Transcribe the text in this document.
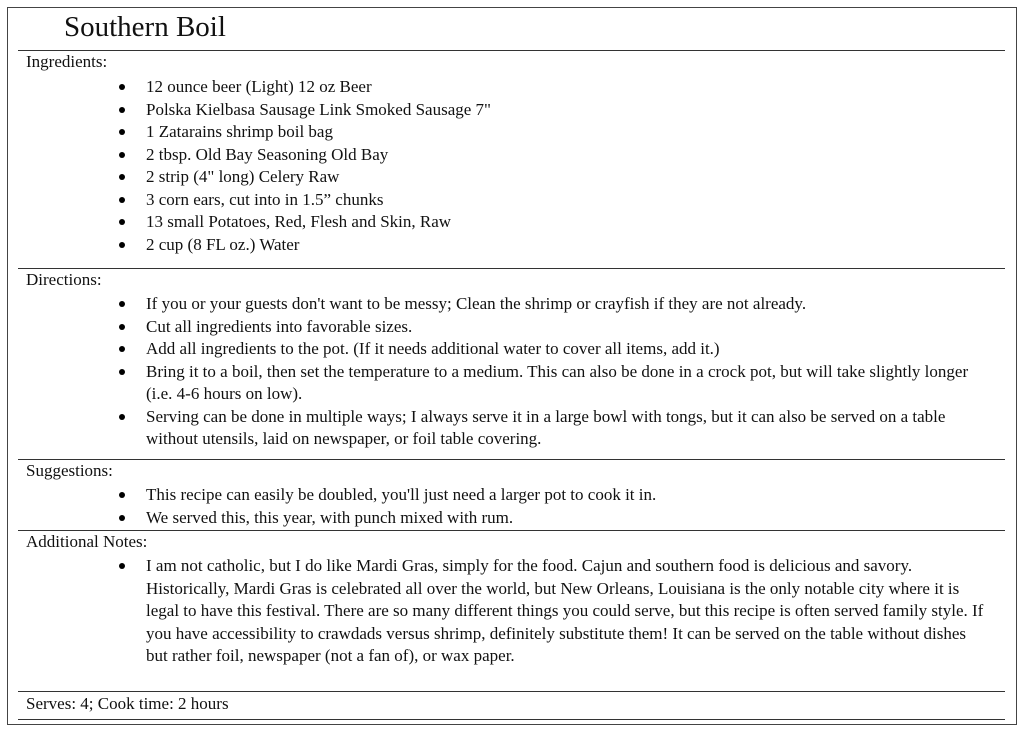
Southern Boil
Ingredients:
12 ounce beer (Light) 12 oz Beer
Polska Kielbasa Sausage Link Smoked Sausage 7"
1 Zatarains shrimp boil bag
2 tbsp. Old Bay Seasoning Old Bay
2 strip (4" long) Celery Raw
3 corn ears, cut into in 1.5” chunks
13 small Potatoes, Red, Flesh and Skin, Raw
2 cup (8 FL oz.) Water
Directions:
If you or your guests don't want to be messy; Clean the shrimp or crayfish if they are not already.
Cut all ingredients into favorable sizes.
Add all ingredients to the pot. (If it needs additional water to cover all items, add it.)
Bring it to a boil, then set the temperature to a medium. This can also be done in a crock pot, but will take slightly longer (i.e. 4-6 hours on low).
Serving can be done in multiple ways; I always serve it in a large bowl with tongs, but it can also be served on a table without utensils, laid on newspaper, or foil table covering.
Suggestions:
This recipe can easily be doubled, you'll just need a larger pot to cook it in.
We served this, this year, with punch mixed with rum.
Additional Notes:
I am not catholic, but I do like Mardi Gras, simply for the food. Cajun and southern food is delicious and savory. Historically, Mardi Gras is celebrated all over the world, but New Orleans, Louisiana is the only notable city where it is legal to have this festival. There are so many different things you could serve, but this recipe is often served family style. If you have accessibility to crawdads versus shrimp, definitely substitute them! It can be served on the table without dishes but rather foil, newspaper (not a fan of), or wax paper.
Serves: 4; Cook time: 2 hours
